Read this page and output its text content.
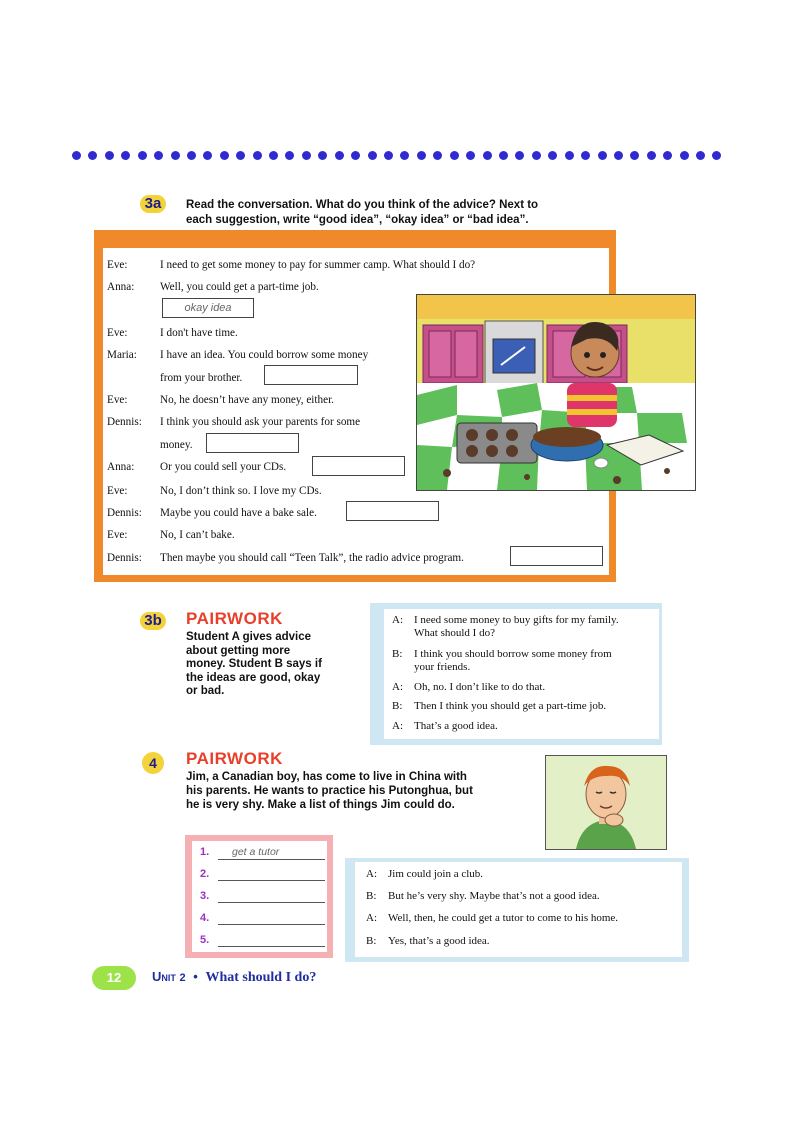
3a	Read the conversation. What do you think of the advice? Next to
each suggestion, write “good idea”, “okay idea” or “bad idea”.
Eve:	I need to get some money to pay for summer camp. What should I do?
Anna: Well, you could get a part-time job.
okay idea
Eve:	I don't have time.
Maria: I have an idea. You could borrow some money
from your brother.
Eve:	No, he doesn’t have any money, either.
Dennis: I think you should ask your parents for some
money.
Anna: Or you could sell your CDs.
Eve:	No, I don’t think so. I love my CDs.
Dennis: Maybe you could have a bake sale.
Eve:	No, I can’t bake.
Dennis: Then maybe you should call “Teen Talk”, the radio advice program.
3b PAIRWORK
Student A gives advice
about getting more
money. Student B says if
the ideas are good, okay
or bad.
A: I need some money to buy gifts for my family.
What should I do?
B: I think you should borrow some money from
your friends.
A: Oh, no. I don’t like to do that.
B: Then I think you should get a part-time job.
A: That’s a good idea.
4	PAIRWORK
Jim, a Canadian boy, has come to live in China with
his parents. He wants to practice his Putonghua, but
he is very shy. Make a list of things Jim could do.
1.	get a tutor
2.
3.
4.
5.
A: Jim could join a club.
B: But he’s very shy. Maybe that’s not a good idea.
A: Well, then, he could get a tutor to come to his home.
B: Yes, that’s a good idea.
12	Unit 2 • What should I do?
